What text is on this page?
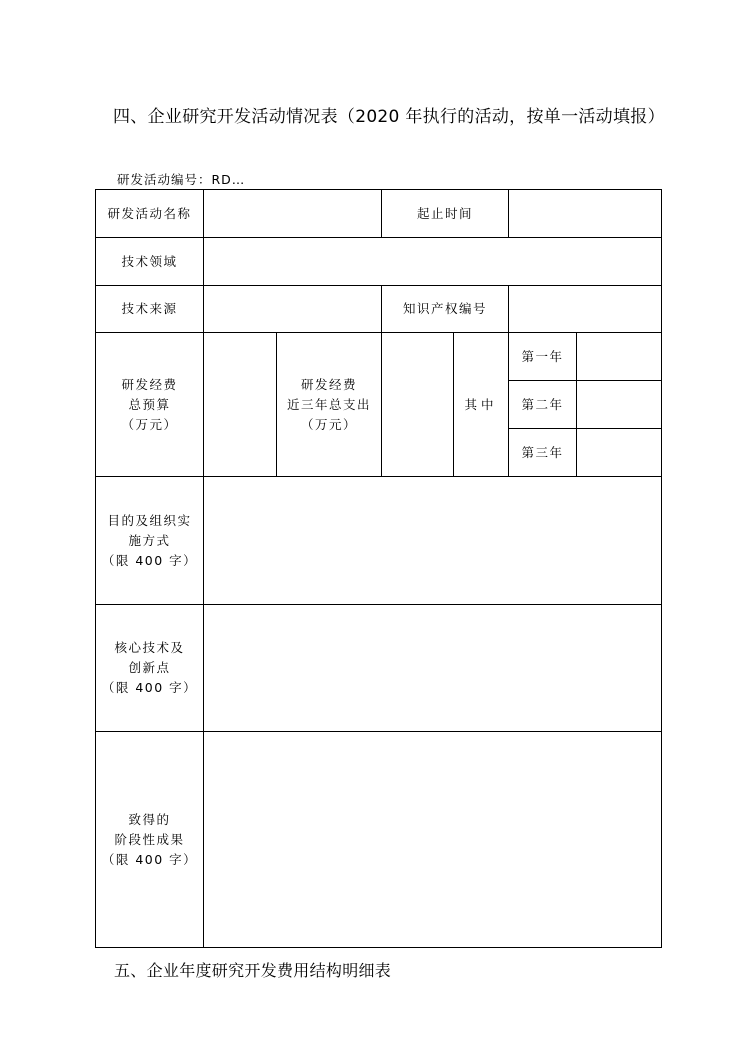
四、企业研究开发活动情况表（2020 年执行的活动，按单一活动填报）
研发活动编号：RD…
研发活动名称	起止时间
技术领域
技术来源	知识产权编号
研发经费
总预算
（万元）
研发经费
近三年总支出
（万元）
其中
第一年
第二年
第三年
目的及组织实
施方式
（限 400 字）
核心技术及
创新点
（限 400 字）
致得的
阶段性成果
（限 400 字）
五、企业年度研究开发费用结构明细表
